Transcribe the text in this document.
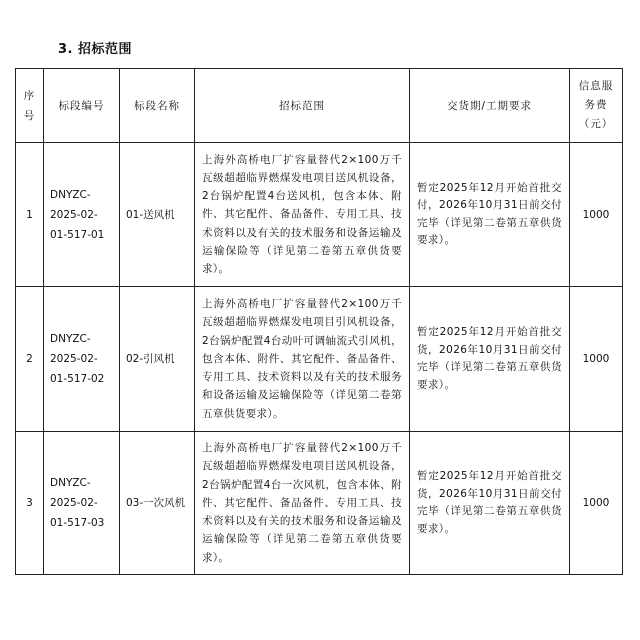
3. 招标范围
序号	标段编号	标段名称	招标范围	交货期/工期要求	信息服务费（元）
1	DNYZC-2025-02-01-517-01	01-送风机	上海外高桥电厂扩容量替代2×100万千瓦级超超临界燃煤发电项目送风机设备，2台锅炉配置4台送风机，包含本体、附件、其它配件、备品备件、专用工具、技术资料以及有关的技术服务和设备运输及运输保险等（详见第二卷第五章供货要求）。	暂定2025年12月开始首批交付，2026年10月31日前交付完毕（详见第二卷第五章供货要求）。	1000
2	DNYZC-2025-02-01-517-02	02-引风机	上海外高桥电厂扩容量替代2×100万千瓦级超超临界燃煤发电项目引风机设备，2台锅炉配置4台动叶可调轴流式引风机，包含本体、附件、其它配件、备品备件、专用工具、技术资料以及有关的技术服务和设备运输及运输保险等（详见第二卷第五章供货要求）。	暂定2025年12月开始首批交货，2026年10月31日前交付完毕（详见第二卷第五章供货要求）。	1000
3	DNYZC-2025-02-01-517-03	03-一次风机	上海外高桥电厂扩容量替代2×100万千瓦级超超临界燃煤发电项目送风机设备，2台锅炉配置4台一次风机，包含本体、附件、其它配件、备品备件、专用工具、技术资料以及有关的技术服务和设备运输及运输保险等（详见第二卷第五章供货要求）。	暂定2025年12月开始首批交货，2026年10月31日前交付完毕（详见第二卷第五章供货要求）。	1000
